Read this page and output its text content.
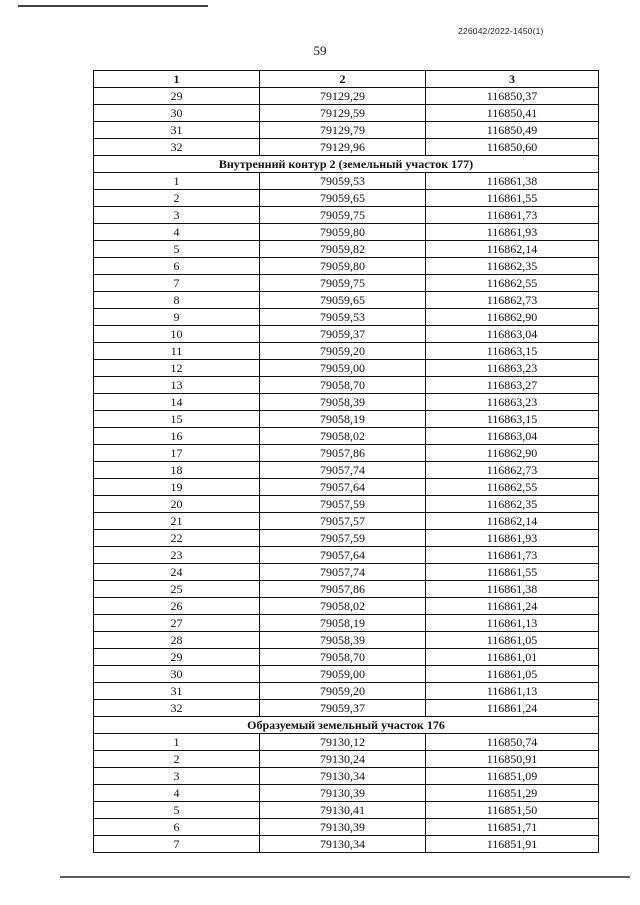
226042/2022-1450(1)
59
1	2	3
29	79129,29	116850,37
30	79129,59	116850,41
31	79129,79	116850,49
32	79129,96	116850,60
Внутренний контур 2 (земельный участок 177)		
1	79059,53	116861,38
2	79059,65	116861,55
3	79059,75	116861,73
4	79059,80	116861,93
5	79059,82	116862,14
6	79059,80	116862,35
7	79059,75	116862,55
8	79059,65	116862,73
9	79059,53	116862,90
10	79059,37	116863,04
11	79059,20	116863,15
12	79059,00	116863,23
13	79058,70	116863,27
14	79058,39	116863,23
15	79058,19	116863,15
16	79058,02	116863,04
17	79057,86	116862,90
18	79057,74	116862,73
19	79057,64	116862,55
20	79057,59	116862,35
21	79057,57	116862,14
22	79057,59	116861,93
23	79057,64	116861,73
24	79057,74	116861,55
25	79057,86	116861,38
26	79058,02	116861,24
27	79058,19	116861,13
28	79058,39	116861,05
29	79058,70	116861,01
30	79059,00	116861,05
31	79059,20	116861,13
32	79059,37	116861,24
Образуемый земельный участок 176		
1	79130,12	116850,74
2	79130,24	116850,91
3	79130,34	116851,09
4	79130,39	116851,29
5	79130,41	116851,50
6	79130,39	116851,71
7	79130,34	116851,91
